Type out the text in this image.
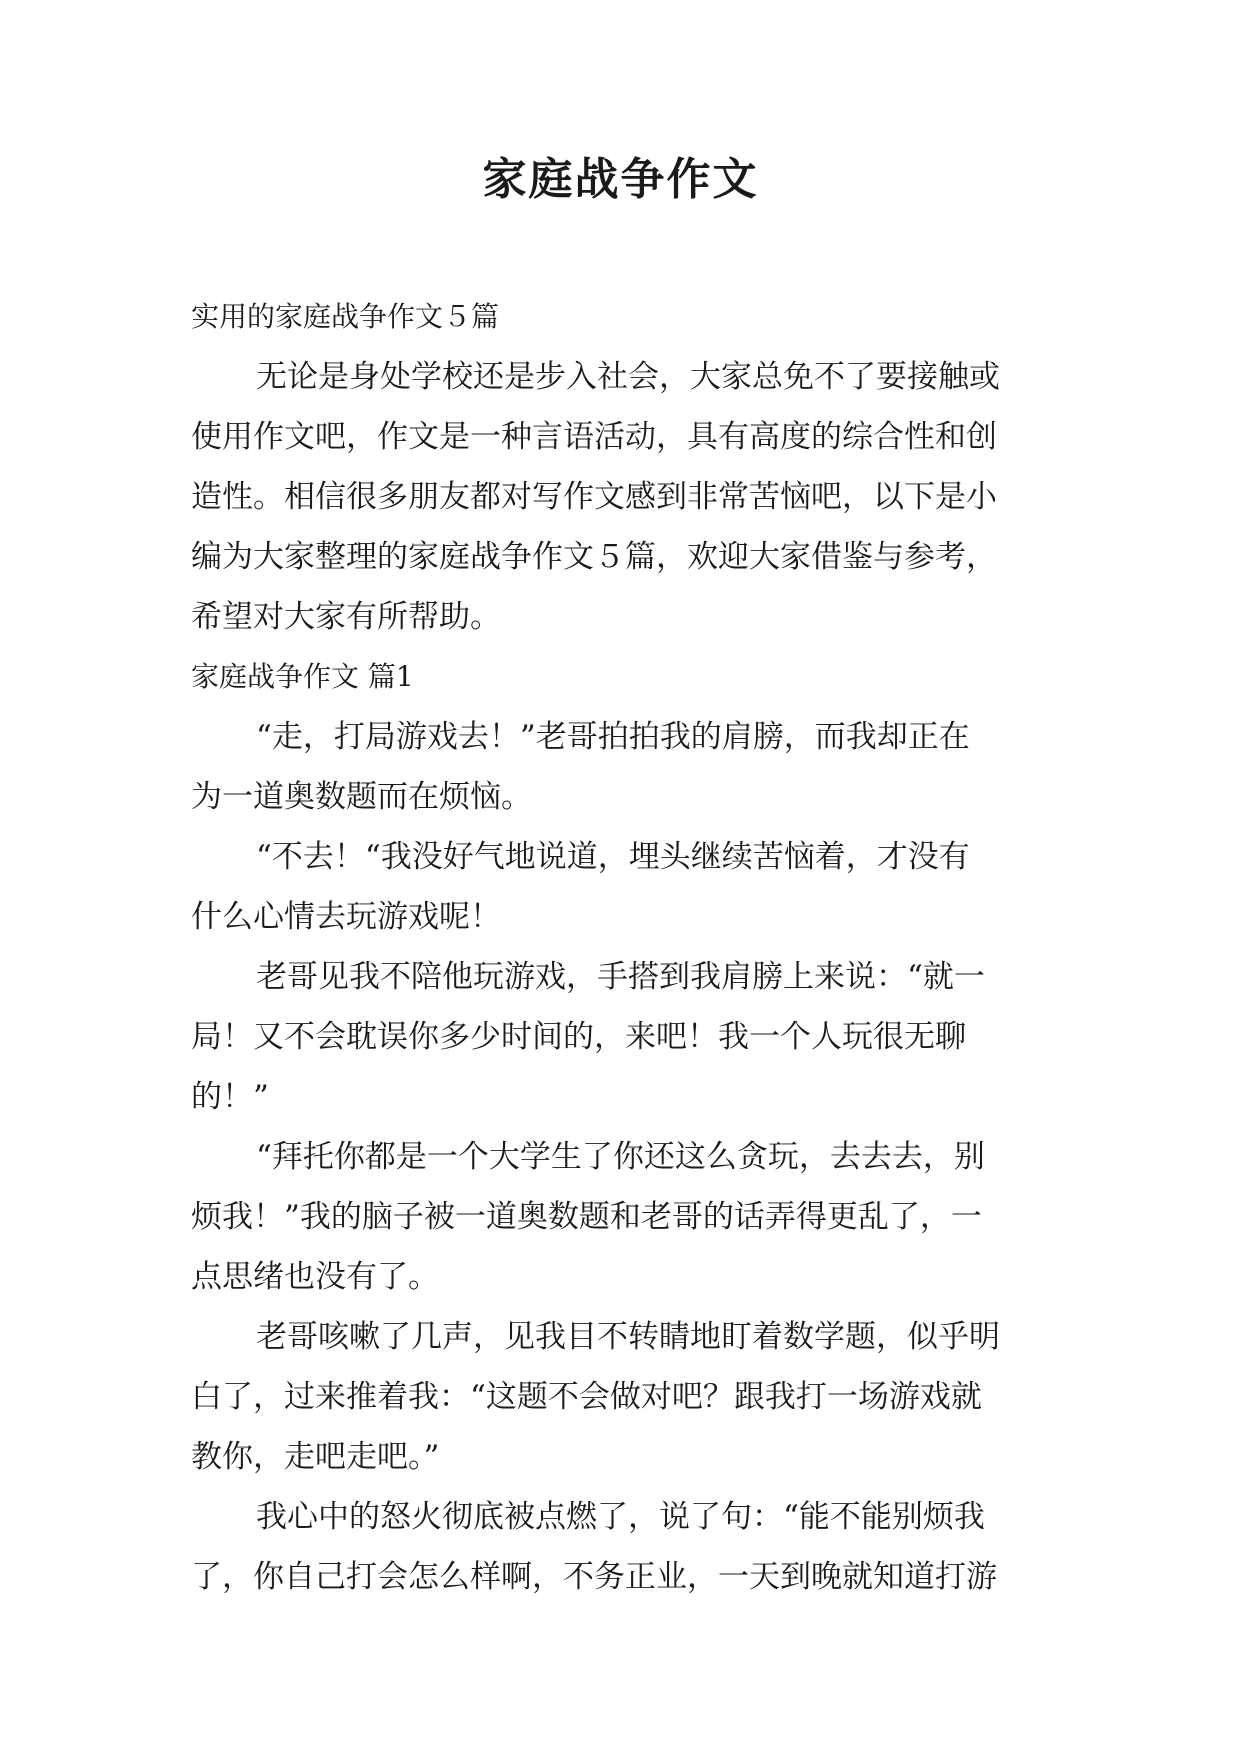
家庭战争作文
实用的家庭战争作文５篇
无论是身处学校还是步入社会，大家总免不了要接触或
使用作文吧，作文是一种言语活动，具有高度的综合性和创
造性。相信很多朋友都对写作文感到非常苦恼吧，以下是小
编为大家整理的家庭战争作文５篇，欢迎大家借鉴与参考，
希望对大家有所帮助。
家庭战争作文 篇1
“走，打局游戏去！”老哥拍拍我的肩膀，而我却正在
为一道奥数题而在烦恼。
“不去！“我没好气地说道，埋头继续苦恼着，才没有
什么心情去玩游戏呢！
老哥见我不陪他玩游戏，手搭到我肩膀上来说：“就一
局！又不会耽误你多少时间的，来吧！我一个人玩很无聊
的！”
“拜托你都是一个大学生了你还这么贪玩，去去去，别
烦我！”我的脑子被一道奥数题和老哥的话弄得更乱了，一
点思绪也没有了。
老哥咳嗽了几声，见我目不转睛地盯着数学题，似乎明
白了，过来推着我：“这题不会做对吧？跟我打一场游戏就
教你，走吧走吧。”
我心中的怒火彻底被点燃了，说了句：“能不能别烦我
了，你自己打会怎么样啊，不务正业，一天到晚就知道打游
